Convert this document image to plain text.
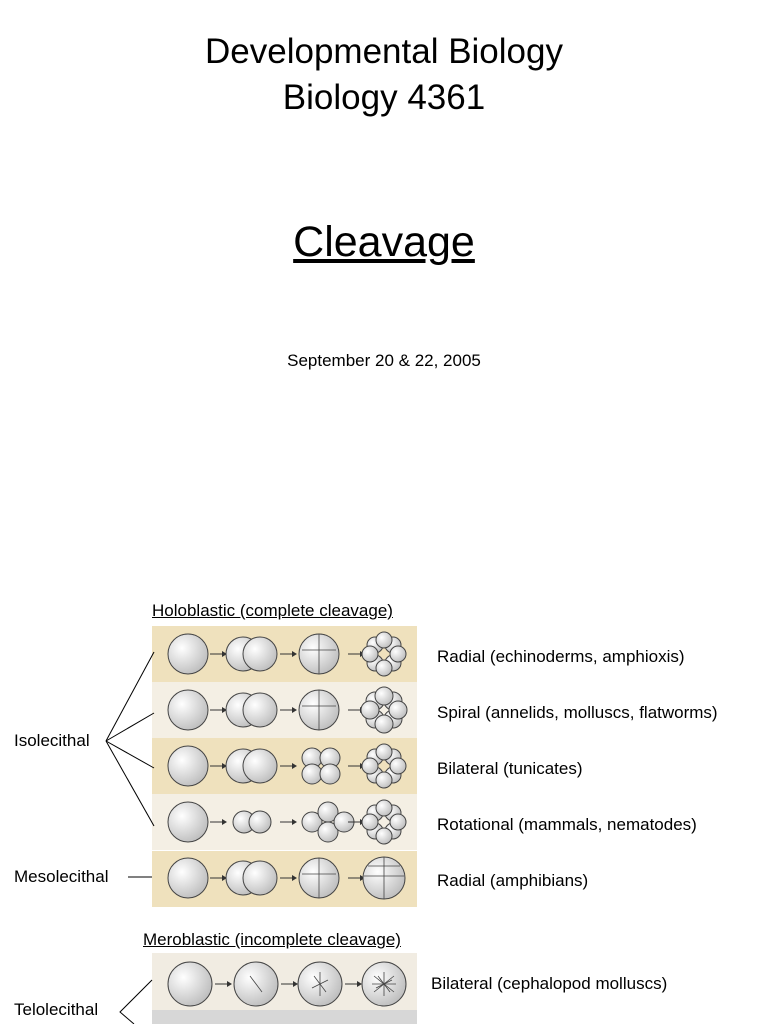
Developmental Biology
Biology 4361
Cleavage
September 20 & 22, 2005
Holoblastic (complete cleavage)
Meroblastic (incomplete cleavage)
Isolecithal
Mesolecithal
Telolecithal
Radial (echinoderms, amphioxis)
Spiral (annelids, molluscs, flatworms)
Bilateral (tunicates)
Rotational (mammals, nematodes)
Radial (amphibians)
Bilateral (cephalopod molluscs)
